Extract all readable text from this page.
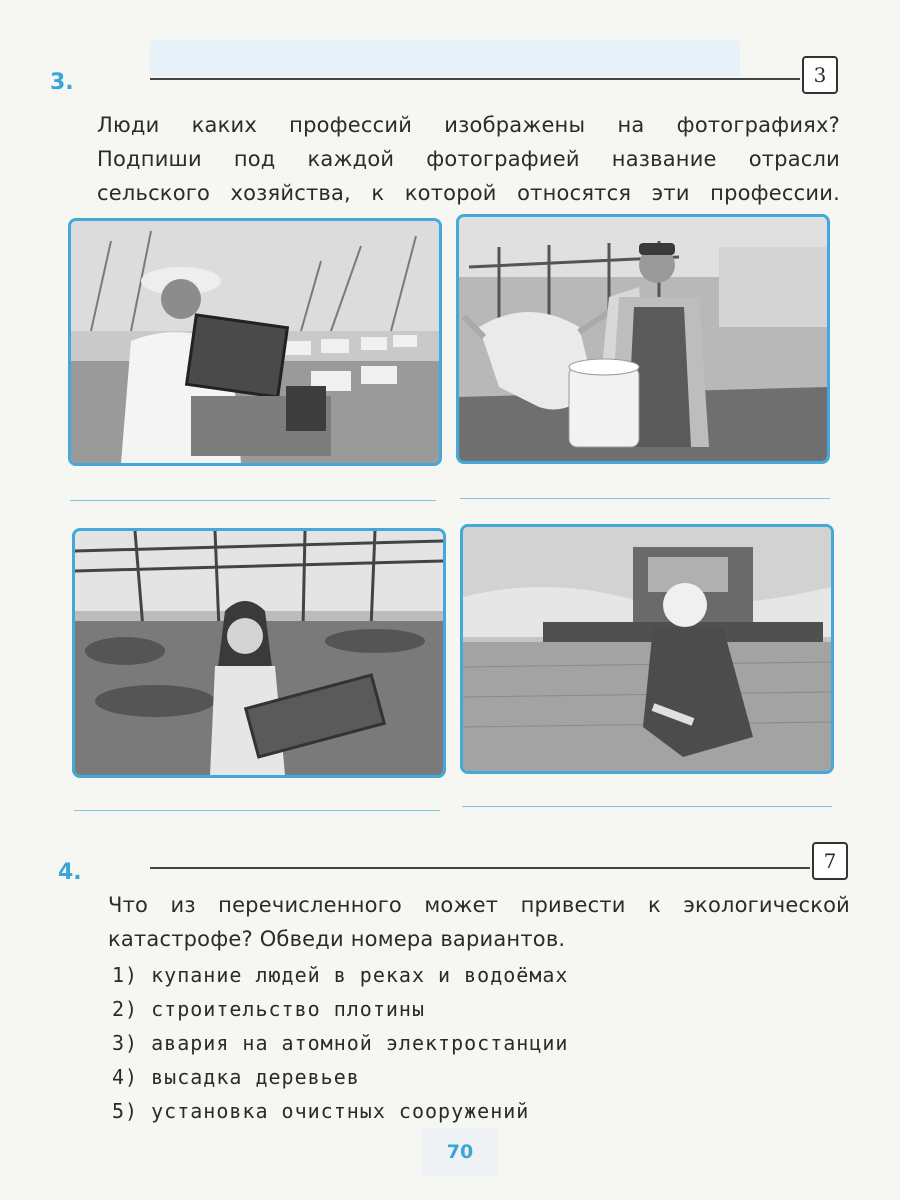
3.	3
Люди каких профессий изображены на фотографиях?
Подпиши под каждой фотографией название отрасли
сельского хозяйства, к которой относятся эти профессии.
4.	7
Что из перечисленного может привести к экологической
катастрофе? Обведи номера вариантов.
1) купание людей в реках и водоёмах
2) строительство плотины
3) авария на атомной электростанции
4) высадка деревьев
5) установка очистных сооружений
70
